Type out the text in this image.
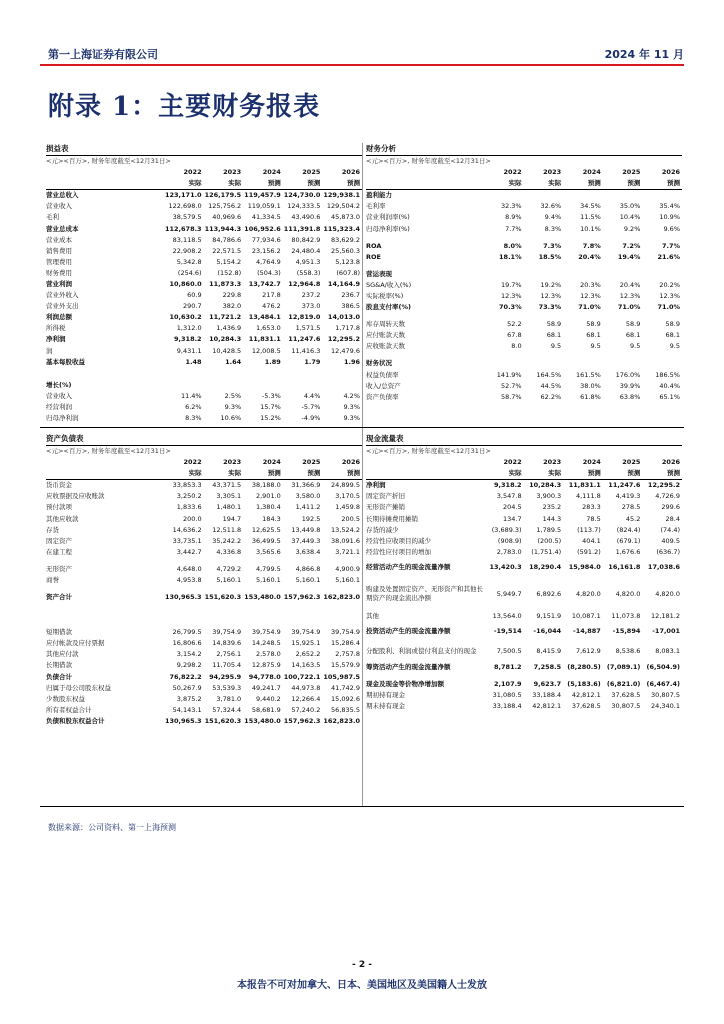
第一上海证券有限公司	2024 年 11 月
附录 1：主要财务报表
损益表
<元><百万>, 财务年度截至<12月31日>
	2022	2023	2024	2025	2026
	实际	实际	预测	预测	预测
营业总收入	123,171.0	126,179.5	119,457.9	124,730.0	129,938.1
营业收入	122,698.0	125,756.2	119,059.1	124,333.5	129,504.2
毛利	38,579.5	40,969.6	41,334.5	43,490.6	45,873.0
营业总成本	112,678.3	113,944.3	106,952.6	111,391.8	115,323.4
营业成本	83,118.5	84,786.6	77,934.6	80,842.9	83,629.2
销售费用	22,908.2	22,571.5	23,156.2	24,480.4	25,560.3
管理费用	5,342.8	5,154.2	4,764.9	4,951.3	5,123.8
财务费用	(254.6)	(152.8)	(504.3)	(558.3)	(607.8)
营业利润	10,860.0	11,873.3	13,742.7	12,964.8	14,164.9
营业外收入	60.9	229.8	217.8	237.2	236.7
营业外支出	290.7	382.0	476.2	373.0	386.5
利润总额	10,630.2	11,721.2	13,484.1	12,819.0	14,013.0
所得税	1,312.0	1,436.9	1,653.0	1,571.5	1,717.8
净利润	9,318.2	10,284.3	11,831.1	11,247.6	12,295.2
润	9,431.1	10,428.5	12,008.5	11,416.3	12,479.6
基本每股收益	1.48	1.64	1.89	1.79	1.96

增长(%)					
营业收入	11.4%	2.5%	-5.3%	4.4%	4.2%
经营利润	6.2%	9.3%	15.7%	-5.7%	9.3%
归母净利润	8.3%	10.6%	15.2%	-4.9%	9.3%
财务分析
<元><百万>, 财务年度截至<12月31日>
	2022	2023	2024	2025	2026
	实际	实际	预测	预测	预测
盈利能力					
毛利率	32.3%	32.6%	34.5%	35.0%	35.4%
营业利润率(%)	8.9%	9.4%	11.5%	10.4%	10.9%
归母净利率(%)	7.7%	8.3%	10.1%	9.2%	9.6%

ROA	8.0%	7.3%	7.8%	7.2%	7.7%
ROE	18.1%	18.5%	20.4%	19.4%	21.6%

营运表现					
SG&A/收入(%)	19.7%	19.2%	20.3%	20.4%	20.2%
实际税率(%)	12.3%	12.3%	12.3%	12.3%	12.3%
股息支付率(%)	70.3%	73.3%	71.0%	71.0%	71.0%

库存周转天数	52.2	58.9	58.9	58.9	58.9
应付账款天数	67.8	68.1	68.1	68.1	68.1
应收账款天数	8.0	9.5	9.5	9.5	9.5

财务状况					
权益负债率	141.9%	164.5%	161.5%	176.0%	186.5%
收入/总资产	52.7%	44.5%	38.0%	39.9%	40.4%
资产负债率	58.7%	62.2%	61.8%	63.8%	65.1%

资产负债表
<元><百万>, 财务年度截至<12月31日>
	2022	2023	2024	2025	2026
	实际	实际	预测	预测	预测
货币资金	33,853.3	43,371.5	38,188.0	31,366.9	24,899.5
应收票据及应收账款	3,250.2	3,305.1	2,901.0	3,580.0	3,170.5
预付款项	1,833.6	1,480.1	1,380.4	1,411.2	1,459.8
其他应收款	200.0	194.7	184.3	192.5	200.5
存货	14,636.2	12,511.8	12,625.5	13,449.8	13,524.2
固定资产	33,735.1	35,242.2	36,499.5	37,449.3	38,091.6
在建工程	3,442.7	4,336.8	3,565.6	3,638.4	3,721.1

无形资产	4,648.0	4,729.2	4,799.5	4,866.8	4,900.9
商誉	4,953.8	5,160.1	5,160.1	5,160.1	5,160.1

资产合计	130,965.3	151,620.3	153,480.0	157,962.3	162,823.0

短期借款	26,799.5	39,754.9	39,754.9	39,754.9	39,754.9
应付帐款及应付票据	16,806.6	14,839.6	14,248.5	15,925.1	15,286.4
其他应付款	3,154.2	2,756.1	2,578.0	2,652.2	2,757.8
长期借款	9,298.2	11,705.4	12,875.9	14,163.5	15,579.9
负债合计	76,822.2	94,295.9	94,778.0	100,722.1	105,987.5
归属于母公司股东权益	50,267.9	53,539.3	49,241.7	44,973.8	41,742.9
少数股东权益	3,875.2	3,781.0	9,440.2	12,266.4	15,092.6
所有者权益合计	54,143.1	57,324.4	58,681.9	57,240.2	56,835.5
负债和股东权益合计	130,965.3	151,620.3	153,480.0	157,962.3	162,823.0
现金流量表
<元><百万>, 财务年度截至<12月31日>
	2022	2023	2024	2025	2026
	实际	实际	预测	预测	预测
净利润	9,318.2	10,284.3	11,831.1	11,247.6	12,295.2
固定资产折旧	3,547.8	3,900.3	4,111.8	4,419.3	4,726.9
无形资产摊销	204.5	235.2	283.3	278.5	299.6
长期待摊费用摊销	134.7	144.3	78.5	45.2	28.4
存货的减少	(3,689.3)	1,789.5	(113.7)	(824.4)	(74.4)
经营性应收项目的减少	(908.9)	(200.5)	404.1	(679.1)	409.5
经营性应付项目的增加	2,783.0	(1,751.4)	(591.2)	1,676.6	(636.7)
经营活动产生的现金流量净额	13,420.3	18,290.4	15,984.0	16,161.8	17,038.6
购建及处置固定资产、无形资产和其他长期资产的现金流出净额	5,949.7	6,892.6	4,820.0	4,820.0	4,820.0
其他	13,564.0	9,151.9	10,087.1	11,073.8	12,181.2
投资活动产生的现金流量净额	-19,514	-16,044	-14,887	-15,894	-17,001
分配股利、利润或偿付利息支付的现金	7,500.5	8,415.9	7,612.9	8,538.6	8,083.1
筹资活动产生的现金流量净额	8,781.2	7,258.5	(8,280.5)	(7,089.1)	(6,504.9)

现金及现金等价物净增加额	2,107.9	9,623.7	(5,183.6)	(6,821.0)	(6,467.4)
期初持有现金	31,080.5	33,188.4	42,812.1	37,628.5	30,807.5
期末持有现金	33,188.4	42,812.1	37,628.5	30,807.5	24,340.1
数据来源：公司资料、第一上海预测
- 2 -
本报告不可对加拿大、日本、美国地区及美国籍人士发放
